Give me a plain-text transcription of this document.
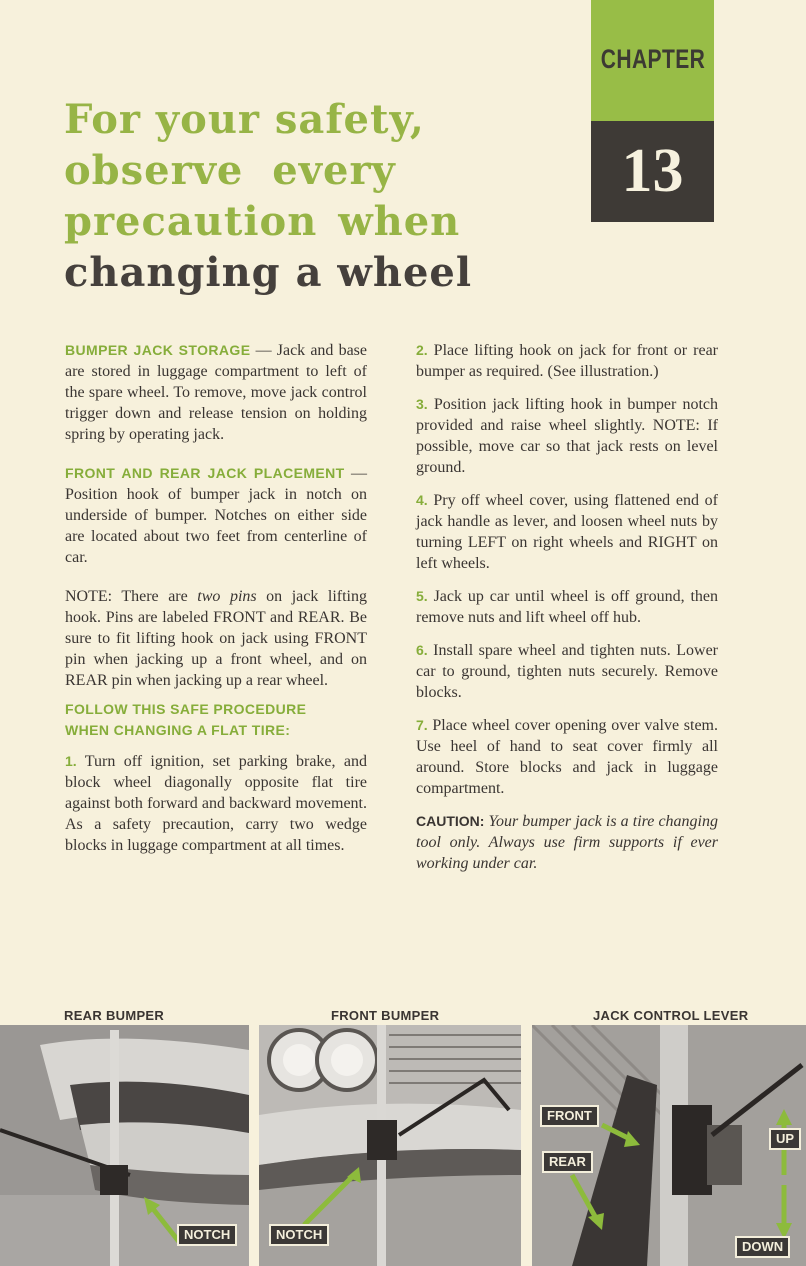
CHAPTER
13
For your safety,
observe every
precaution when
changing a wheel

BUMPER JACK STORAGE — Jack and base are stored in luggage compartment to left of the spare wheel. To remove, move jack control trigger down and release tension on holding spring by operating jack.

FRONT AND REAR JACK PLACEMENT — Position hook of bumper jack in notch on underside of bumper. Notches on either side are located about two feet from centerline of car.

NOTE: There are two pins on jack lifting hook. Pins are labeled FRONT and REAR. Be sure to fit lifting hook on jack using FRONT pin when jacking up a front wheel, and on REAR pin when jacking up a rear wheel.

FOLLOW THIS SAFE PROCEDURE
WHEN CHANGING A FLAT TIRE:

1. Turn off ignition, set parking brake, and block wheel diagonally opposite flat tire against both forward and backward movement. As a safety precaution, carry two wedge blocks in luggage compartment at all times.

2. Place lifting hook on jack for front or rear bumper as required. (See illustration.)

3. Position jack lifting hook in bumper notch provided and raise wheel slightly. NOTE: If possible, move car so that jack rests on level ground.

4. Pry off wheel cover, using flattened end of jack handle as lever, and loosen wheel nuts by turning LEFT on right wheels and RIGHT on left wheels.

5. Jack up car until wheel is off ground, then remove nuts and lift wheel off hub.

6. Install spare wheel and tighten nuts. Lower car to ground, tighten nuts securely. Remove blocks.

7. Place wheel cover opening over valve stem. Use heel of hand to seat cover firmly all around. Store blocks and jack in luggage compartment.

CAUTION: Your bumper jack is a tire changing tool only. Always use firm supports if ever working under car.

REAR BUMPER	FRONT BUMPER	JACK CONTROL LEVER
NOTCH	NOTCH
FRONT
REAR
UP
DOWN
